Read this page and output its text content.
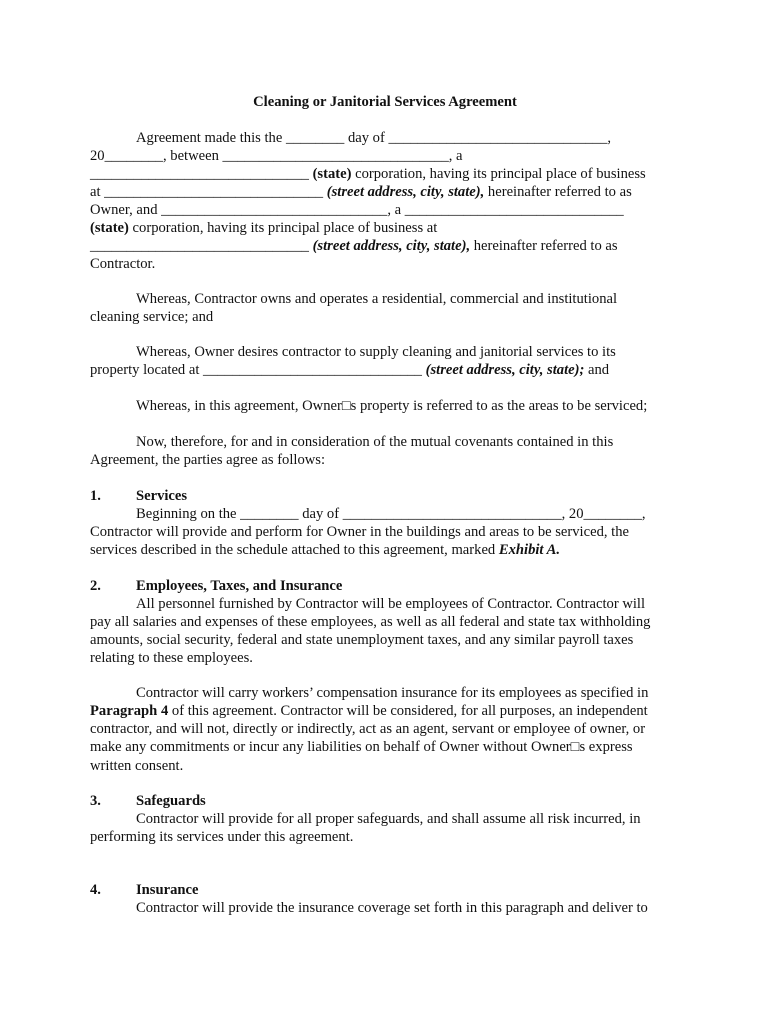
Cleaning or Janitorial Services Agreement
Agreement made this the ________ day of ______________________________,
20________, between _______________________________, a
______________________________ (state) corporation, having its principal place of business
at ______________________________ (street address, city, state), hereinafter referred to as
Owner, and _______________________________, a ______________________________
(state) corporation, having its principal place of business at
______________________________ (street address, city, state), hereinafter referred to as
Contractor.
Whereas, Contractor owns and operates a residential, commercial and institutional
cleaning service; and
Whereas, Owner desires contractor to supply cleaning and janitorial services to its
property located at ______________________________ (street address, city, state); and
Whereas, in this agreement, Owner□s property is referred to as the areas to be serviced;
Now, therefore, for and in consideration of the mutual covenants contained in this
Agreement, the parties agree as follows:
1. Services
Beginning on the ________ day of ______________________________, 20________,
Contractor will provide and perform for Owner in the buildings and areas to be serviced, the
services described in the schedule attached to this agreement, marked Exhibit A.
2. Employees, Taxes, and Insurance
All personnel furnished by Contractor will be employees of Contractor. Contractor will
pay all salaries and expenses of these employees, as well as all federal and state tax withholding
amounts, social security, federal and state unemployment taxes, and any similar payroll taxes
relating to these employees.
Contractor will carry workers’ compensation insurance for its employees as specified in
Paragraph 4 of this agreement. Contractor will be considered, for all purposes, an independent
contractor, and will not, directly or indirectly, act as an agent, servant or employee of owner, or
make any commitments or incur any liabilities on behalf of Owner without Owner□s express
written consent.
3. Safeguards
Contractor will provide for all proper safeguards, and shall assume all risk incurred, in
performing its services under this agreement.
4. Insurance
Contractor will provide the insurance coverage set forth in this paragraph and deliver to
